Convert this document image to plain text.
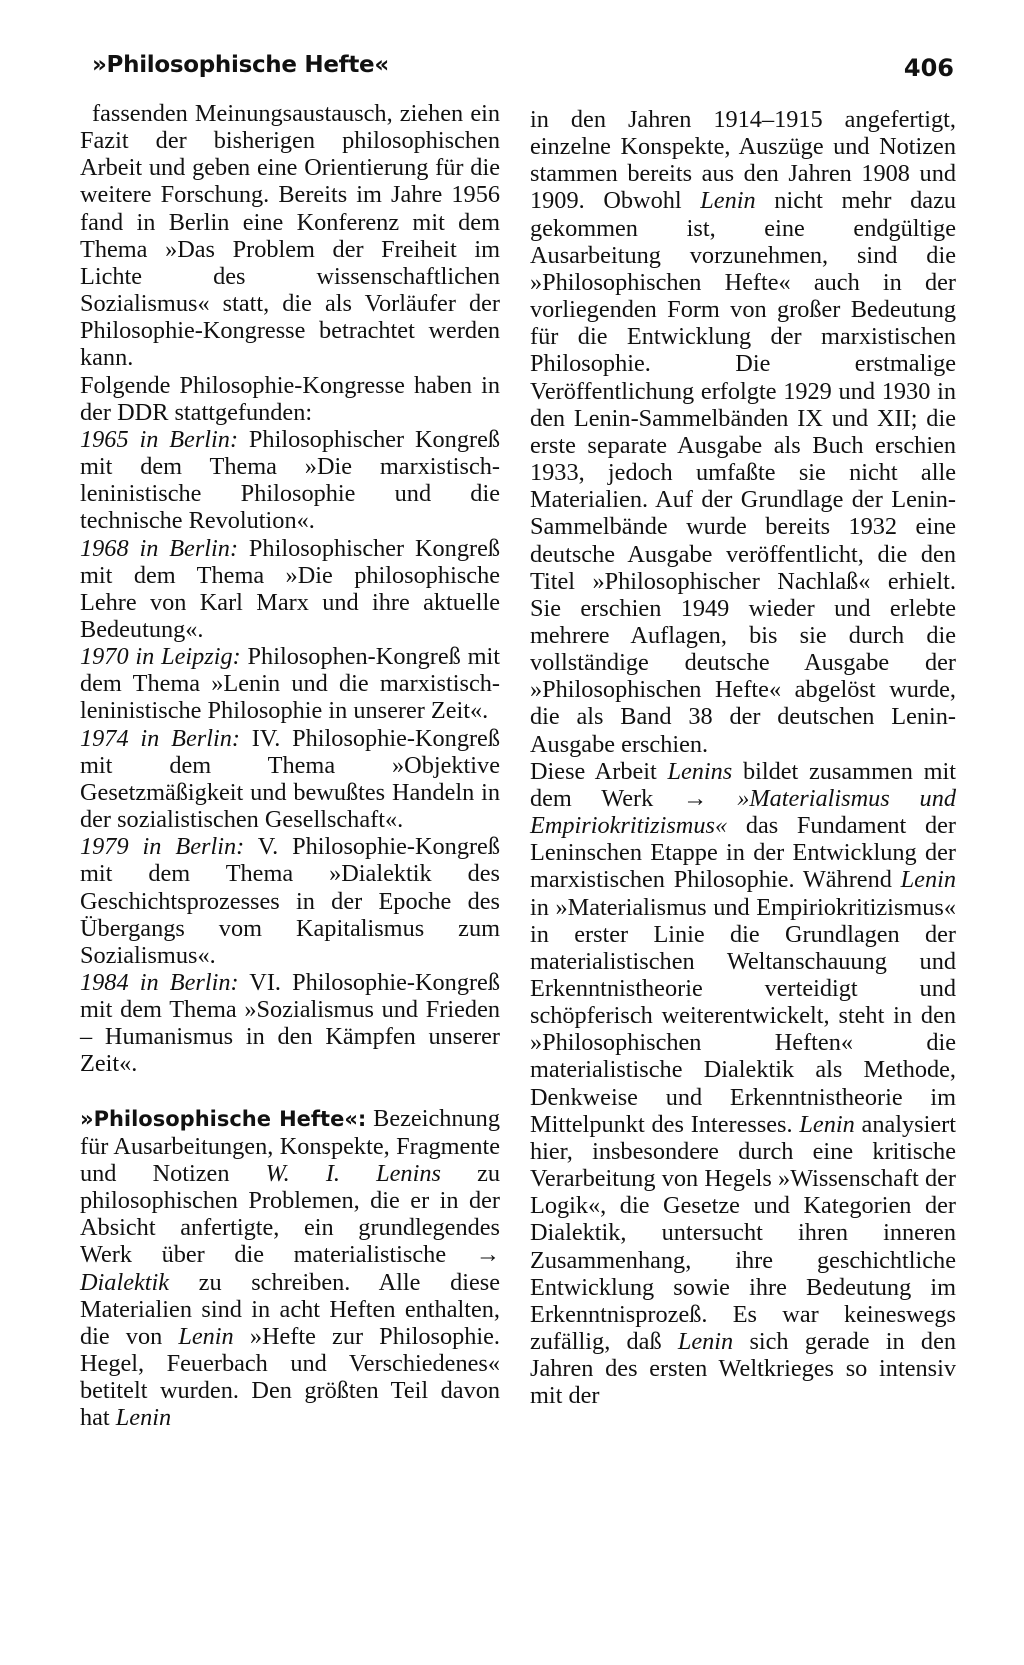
»Philosophische Hefte«	406

fassenden Meinungsaustausch, ziehen ein Fazit der bisherigen philosophischen Arbeit und geben eine Orientierung für die weitere Forschung. Bereits im Jahre 1956 fand in Berlin eine Konferenz mit dem Thema »Das Problem der Freiheit im Lichte des wissenschaftlichen Sozialismus« statt, die als Vorläufer der Philosophie-Kongresse betrachtet werden kann.

Folgende Philosophie-Kongresse haben in der DDR stattgefunden:

1965 in Berlin: Philosophischer Kongreß mit dem Thema »Die marxistisch-leninistische Philosophie und die technische Revolution«.

1968 in Berlin: Philosophischer Kongreß mit dem Thema »Die philosophische Lehre von Karl Marx und ihre aktuelle Bedeutung«.

1970 in Leipzig: Philosophen-Kongreß mit dem Thema »Lenin und die marxistisch-leninistische Philosophie in unserer Zeit«.

1974 in Berlin: IV. Philosophie-Kongreß mit dem Thema »Objektive Gesetzmäßigkeit und bewußtes Handeln in der sozialistischen Gesellschaft«.

1979 in Berlin: V. Philosophie-Kongreß mit dem Thema »Dialektik des Geschichtsprozesses in der Epoche des Übergangs vom Kapitalismus zum Sozialismus«.

1984 in Berlin: VI. Philosophie-Kongreß mit dem Thema »Sozialismus und Frieden – Humanismus in den Kämpfen unserer Zeit«.

»Philosophische Hefte«: Bezeichnung für Ausarbeitungen, Konspekte, Fragmente und Notizen W. I. Lenins zu philosophischen Problemen, die er in der Absicht anfertigte, ein grundlegendes Werk über die materialistische → Dialektik zu schreiben. Alle diese Materialien sind in acht Heften enthalten, die von Lenin »Hefte zur Philosophie. Hegel, Feuerbach und Verschiedenes« betitelt wurden. Den größten Teil davon hat Lenin

in den Jahren 1914–1915 angefertigt, einzelne Konspekte, Auszüge und Notizen stammen bereits aus den Jahren 1908 und 1909. Obwohl Lenin nicht mehr dazu gekommen ist, eine endgültige Ausarbeitung vorzunehmen, sind die »Philosophischen Hefte« auch in der vorliegenden Form von großer Bedeutung für die Entwicklung der marxistischen Philosophie. Die erstmalige Veröffentlichung erfolgte 1929 und 1930 in den Lenin-Sammelbänden IX und XII; die erste separate Ausgabe als Buch erschien 1933, jedoch umfaßte sie nicht alle Materialien. Auf der Grundlage der Lenin-Sammelbände wurde bereits 1932 eine deutsche Ausgabe veröffentlicht, die den Titel »Philosophischer Nachlaß« erhielt. Sie erschien 1949 wieder und erlebte mehrere Auflagen, bis sie durch die vollständige deutsche Ausgabe der »Philosophischen Hefte« abgelöst wurde, die als Band 38 der deutschen Lenin-Ausgabe erschien.

Diese Arbeit Lenins bildet zusammen mit dem Werk → »Materialismus und Empiriokritizismus« das Fundament der Leninschen Etappe in der Entwicklung der marxistischen Philosophie. Während Lenin in »Materialismus und Empiriokritizismus« in erster Linie die Grundlagen der materialistischen Weltanschauung und Erkenntnistheorie verteidigt und schöpferisch weiterentwickelt, steht in den »Philosophischen Heften« die materialistische Dialektik als Methode, Denkweise und Erkenntnistheorie im Mittelpunkt des Interesses. Lenin analysiert hier, insbesondere durch eine kritische Verarbeitung von Hegels »Wissenschaft der Logik«, die Gesetze und Kategorien der Dialektik, untersucht ihren inneren Zusammenhang, ihre geschichtliche Entwicklung sowie ihre Bedeutung im Erkenntnisprozeß. Es war keineswegs zufällig, daß Lenin sich gerade in den Jahren des ersten Weltkrieges so intensiv mit der
